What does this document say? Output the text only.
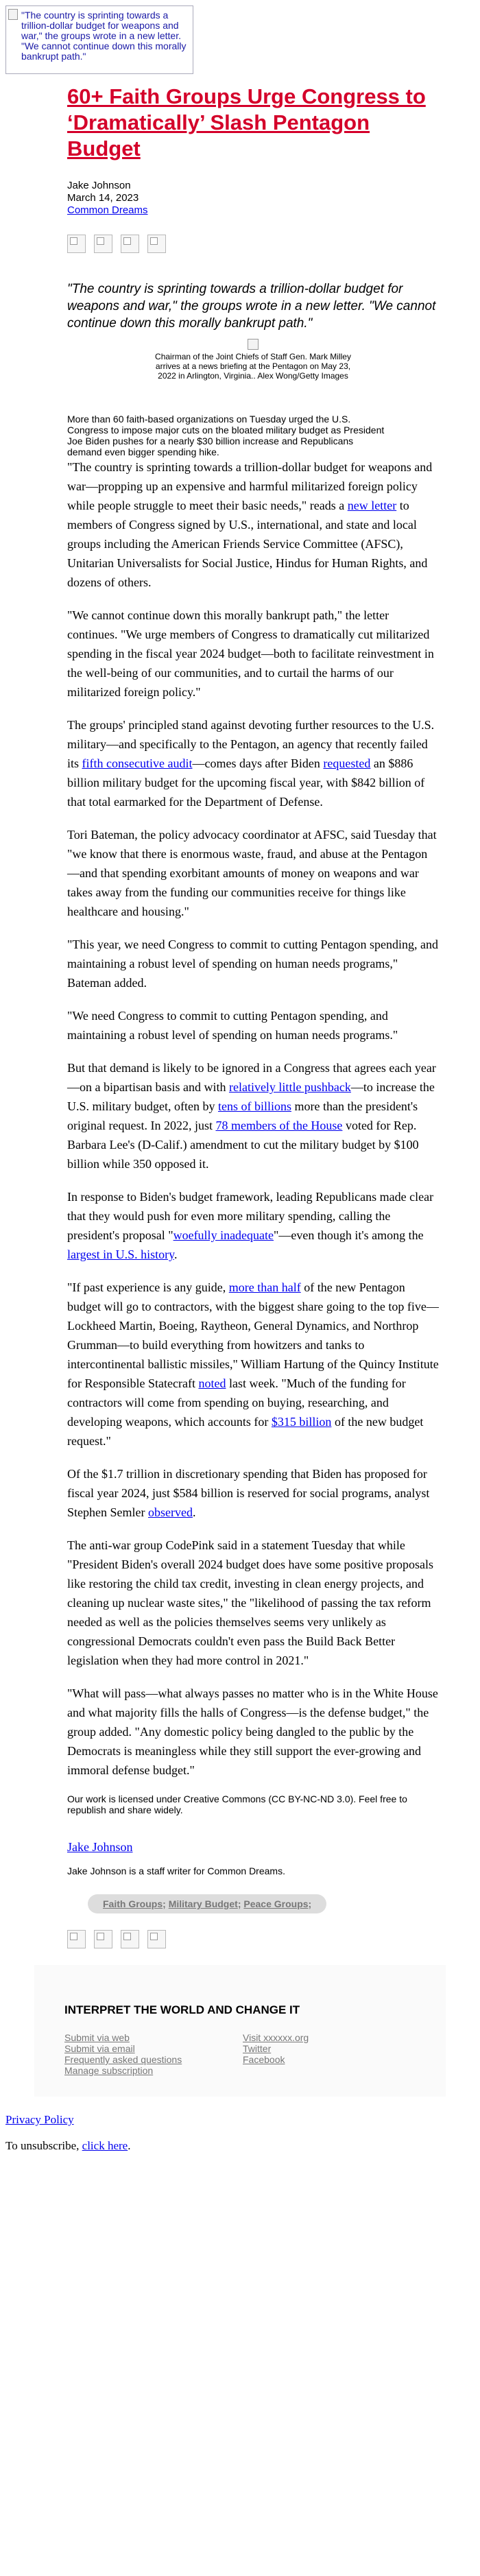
"The country is sprinting towards a trillion-dollar budget for weapons and war," the groups wrote in a new letter. "We cannot continue down this morally bankrupt path."
60+ Faith Groups Urge Congress to ‘Dramatically’ Slash Pentagon Budget

Jake Johnson

March 14, 2023

Common Dreams

"The country is sprinting towards a trillion-dollar budget for weapons and war," the groups wrote in a new letter. "We cannot continue down this morally bankrupt path."

Chairman of the Joint Chiefs of Staff Gen. Mark Milley arrives at a news briefing at the Pentagon on May 23, 2022 in Arlington, Virginia.. Alex Wong/Getty Images

More than 60 faith-based organizations on Tuesday urged the U.S. Congress to impose major cuts on the bloated military budget as President Joe Biden pushes for a nearly $30 billion increase and Republicans demand even bigger spending hike.

"The country is sprinting towards a trillion-dollar budget for weapons and war—propping up an expensive and harmful militarized foreign policy while people struggle to meet their basic needs," reads a new letter to members of Congress signed by U.S., international, and state and local groups including the American Friends Service Committee (AFSC), Unitarian Universalists for Social Justice, Hindus for Human Rights, and dozens of others.

"We cannot continue down this morally bankrupt path," the letter continues. "We urge members of Congress to dramatically cut militarized spending in the fiscal year 2024 budget—both to facilitate reinvestment in the well-being of our communities, and to curtail the harms of our militarized foreign policy."

The groups' principled stand against devoting further resources to the U.S. military—and specifically to the Pentagon, an agency that recently failed its fifth consecutive audit—comes days after Biden requested an $886 billion military budget for the upcoming fiscal year, with $842 billion of that total earmarked for the Department of Defense.

Tori Bateman, the policy advocacy coordinator at AFSC, said Tuesday that "we know that there is enormous waste, fraud, and abuse at the Pentagon—and that spending exorbitant amounts of money on weapons and war takes away from the funding our communities receive for things like healthcare and housing."

"This year, we need Congress to commit to cutting Pentagon spending, and maintaining a robust level of spending on human needs programs," Bateman added.

"We need Congress to commit to cutting Pentagon spending, and maintaining a robust level of spending on human needs programs."

But that demand is likely to be ignored in a Congress that agrees each year—on a bipartisan basis and with relatively little pushback—to increase the U.S. military budget, often by tens of billions more than the president's original request. In 2022, just 78 members of the House voted for Rep. Barbara Lee's (D-Calif.) amendment to cut the military budget by $100 billion while 350 opposed it.

In response to Biden's budget framework, leading Republicans made clear that they would push for even more military spending, calling the president's proposal "woefully inadequate"—even though it's among the largest in U.S. history.

"If past experience is any guide, more than half of the new Pentagon budget will go to contractors, with the biggest share going to the top five—Lockheed Martin, Boeing, Raytheon, General Dynamics, and Northrop Grumman—to build everything from howitzers and tanks to intercontinental ballistic missiles," William Hartung of the Quincy Institute for Responsible Statecraft noted last week. "Much of the funding for contractors will come from spending on buying, researching, and developing weapons, which accounts for $315 billion of the new budget request."

Of the $1.7 trillion in discretionary spending that Biden has proposed for fiscal year 2024, just $584 billion is reserved for social programs, analyst Stephen Semler observed.

The anti-war group CodePink said in a statement Tuesday that while "President Biden's overall 2024 budget does have some positive proposals like restoring the child tax credit, investing in clean energy projects, and cleaning up nuclear waste sites," the "likelihood of passing the tax reform needed as well as the policies themselves seems very unlikely as congressional Democrats couldn't even pass the Build Back Better legislation when they had more control in 2021."

"What will pass—what always passes no matter who is in the White House and what majority fills the halls of Congress—is the defense budget," the group added. "Any domestic policy being dangled to the public by the Democrats is meaningless while they still support the ever-growing and immoral defense budget."

Our work is licensed under Creative Commons (CC BY-NC-ND 3.0). Feel free to republish and share widely.

Jake Johnson

Jake Johnson is a staff writer for Common Dreams.

Faith Groups; Military Budget; Peace Groups;
INTERPRET THE WORLD AND CHANGE IT
Submit via web
Submit via email
Frequently asked questions
Manage subscription
Visit xxxxxx.org
Twitter
Facebook

Privacy Policy

To unsubscribe, click here.
